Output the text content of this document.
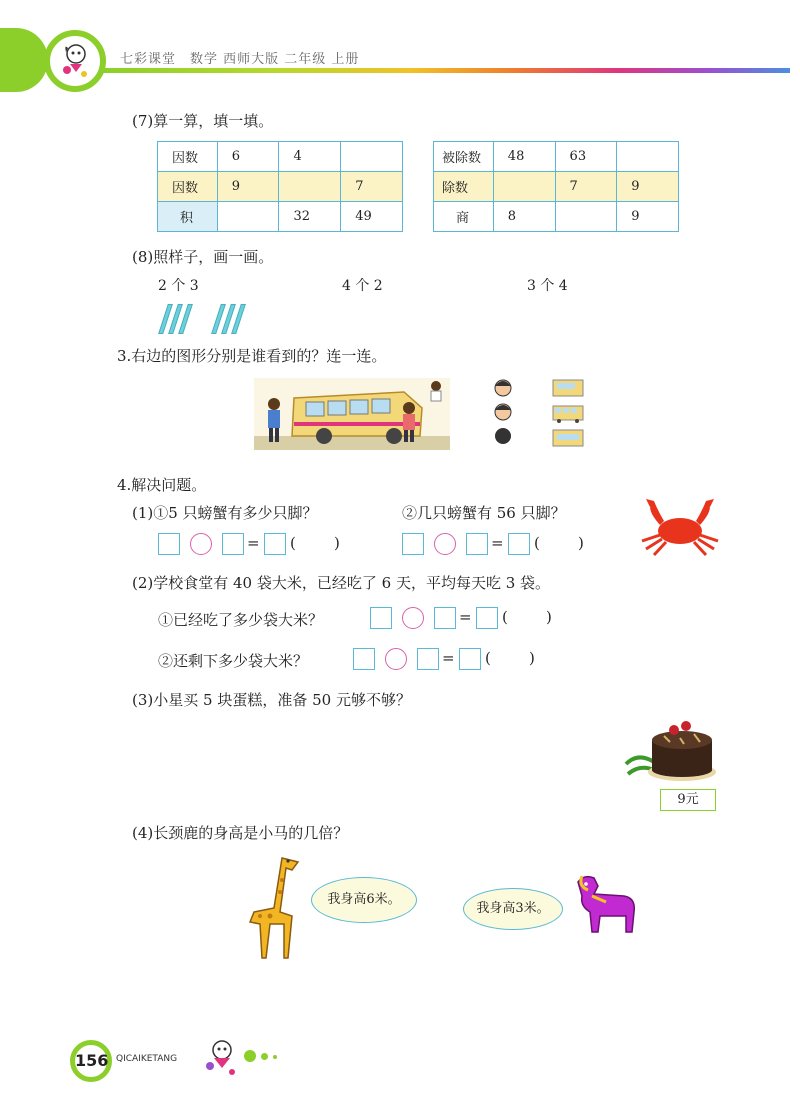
七彩课堂　数学 西师大版 二年级 上册
(7)算一算，填一填。
因数	6	4	
因数	9		7
积		32	49
被除数	48	63	
除数		7	9
商	8		9
(8)照样子，画一画。
2 个 3	4 个 2	3 个 4
3.右边的图形分别是谁看到的？连一连。
4.解决问题。
(1)①5 只螃蟹有多少只脚？	②几只螃蟹有 56 只脚？
= (	)	= (	)
(2)学校食堂有 40 袋大米，已经吃了 6 天，平均每天吃 3 袋。
①已经吃了多少袋大米？	= (	)
②还剩下多少袋大米？	= (	)
(3)小星买 5 块蛋糕，准备 50 元够不够？
9元
(4)长颈鹿的身高是小马的几倍？
我身高6米。
我身高3米。
156 QICAIKETANG
